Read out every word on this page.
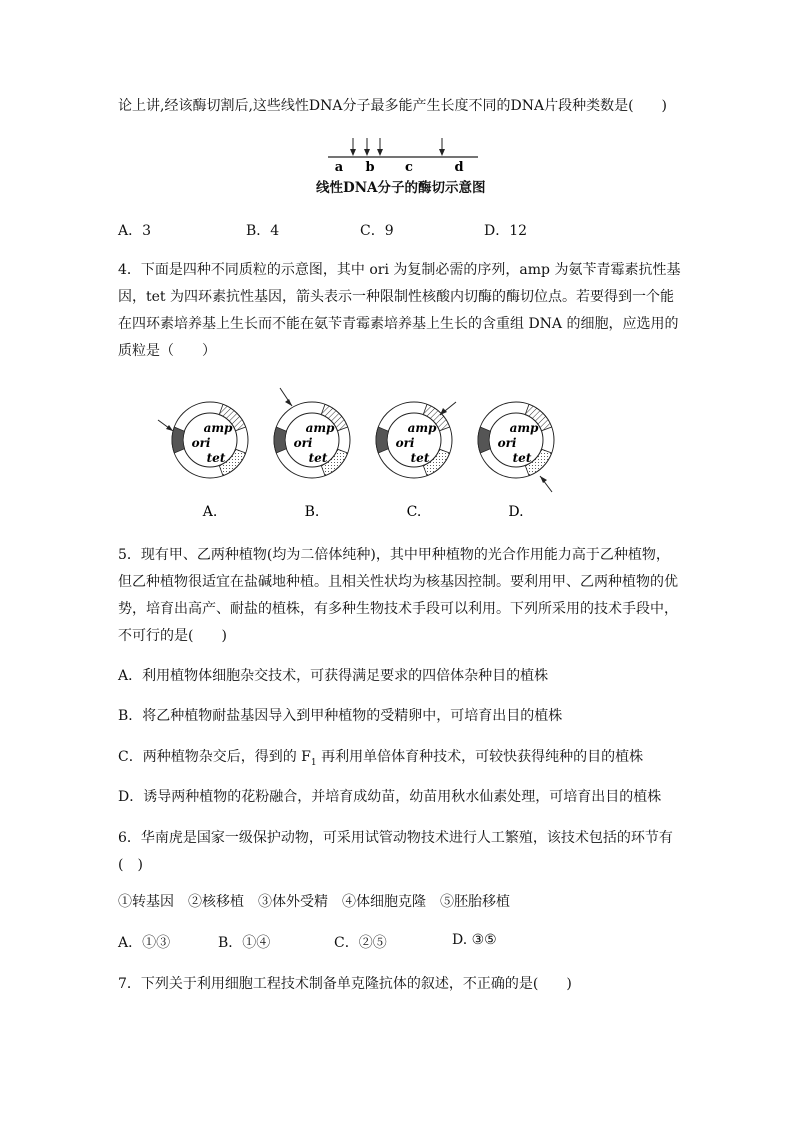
论上讲,经该酶切割后,这些线性DNA分子最多能产生长度不同的DNA片段种类数是(　　)
a b c	d
线性DNA分子的酶切示意图
A．3	B．4	C．9	D．12
4．下面是四种不同质粒的示意图，其中 ori 为复制必需的序列，amp 为氨苄青霉素抗性基
因，tet 为四环素抗性基因，箭头表示一种限制性核酸内切酶的酶切位点。若要得到一个能
在四环素培养基上生长而不能在氨苄青霉素培养基上生长的含重组 DNA 的细胞，应选用的
质粒是（　　）
amp
ori
tet
amp
ori
tet
amp
ori
tet
amp
ori
tet
A.	B.	C.	D.
5．现有甲、乙两种植物(均为二倍体纯种)，其中甲种植物的光合作用能力高于乙种植物，
但乙种植物很适宜在盐碱地种植。且相关性状均为核基因控制。要利用甲、乙两种植物的优
势，培育出高产、耐盐的植株，有多种生物技术手段可以利用。下列所采用的技术手段中，
不可行的是(　　)
A．利用植物体细胞杂交技术，可获得满足要求的四倍体杂种目的植株
B．将乙种植物耐盐基因导入到甲种植物的受精卵中，可培育出目的植株
C．两种植物杂交后，得到的 $F_1$ 再利用单倍体育种技术，可较快获得纯种的目的植株
D．诱导两种植物的花粉融合，并培育成幼苗，幼苗用秋水仙素处理，可培育出目的植株
6．华南虎是国家一级保护动物，可采用试管动物技术进行人工繁殖，该技术包括的环节有
(　)
①转基因　②核移植　③体外受精　④体细胞克隆　⑤胚胎移植
A．①③	B．①④	C．②⑤	D. ③⑤
7．下列关于利用细胞工程技术制备单克隆抗体的叙述，不正确的是(　　)
